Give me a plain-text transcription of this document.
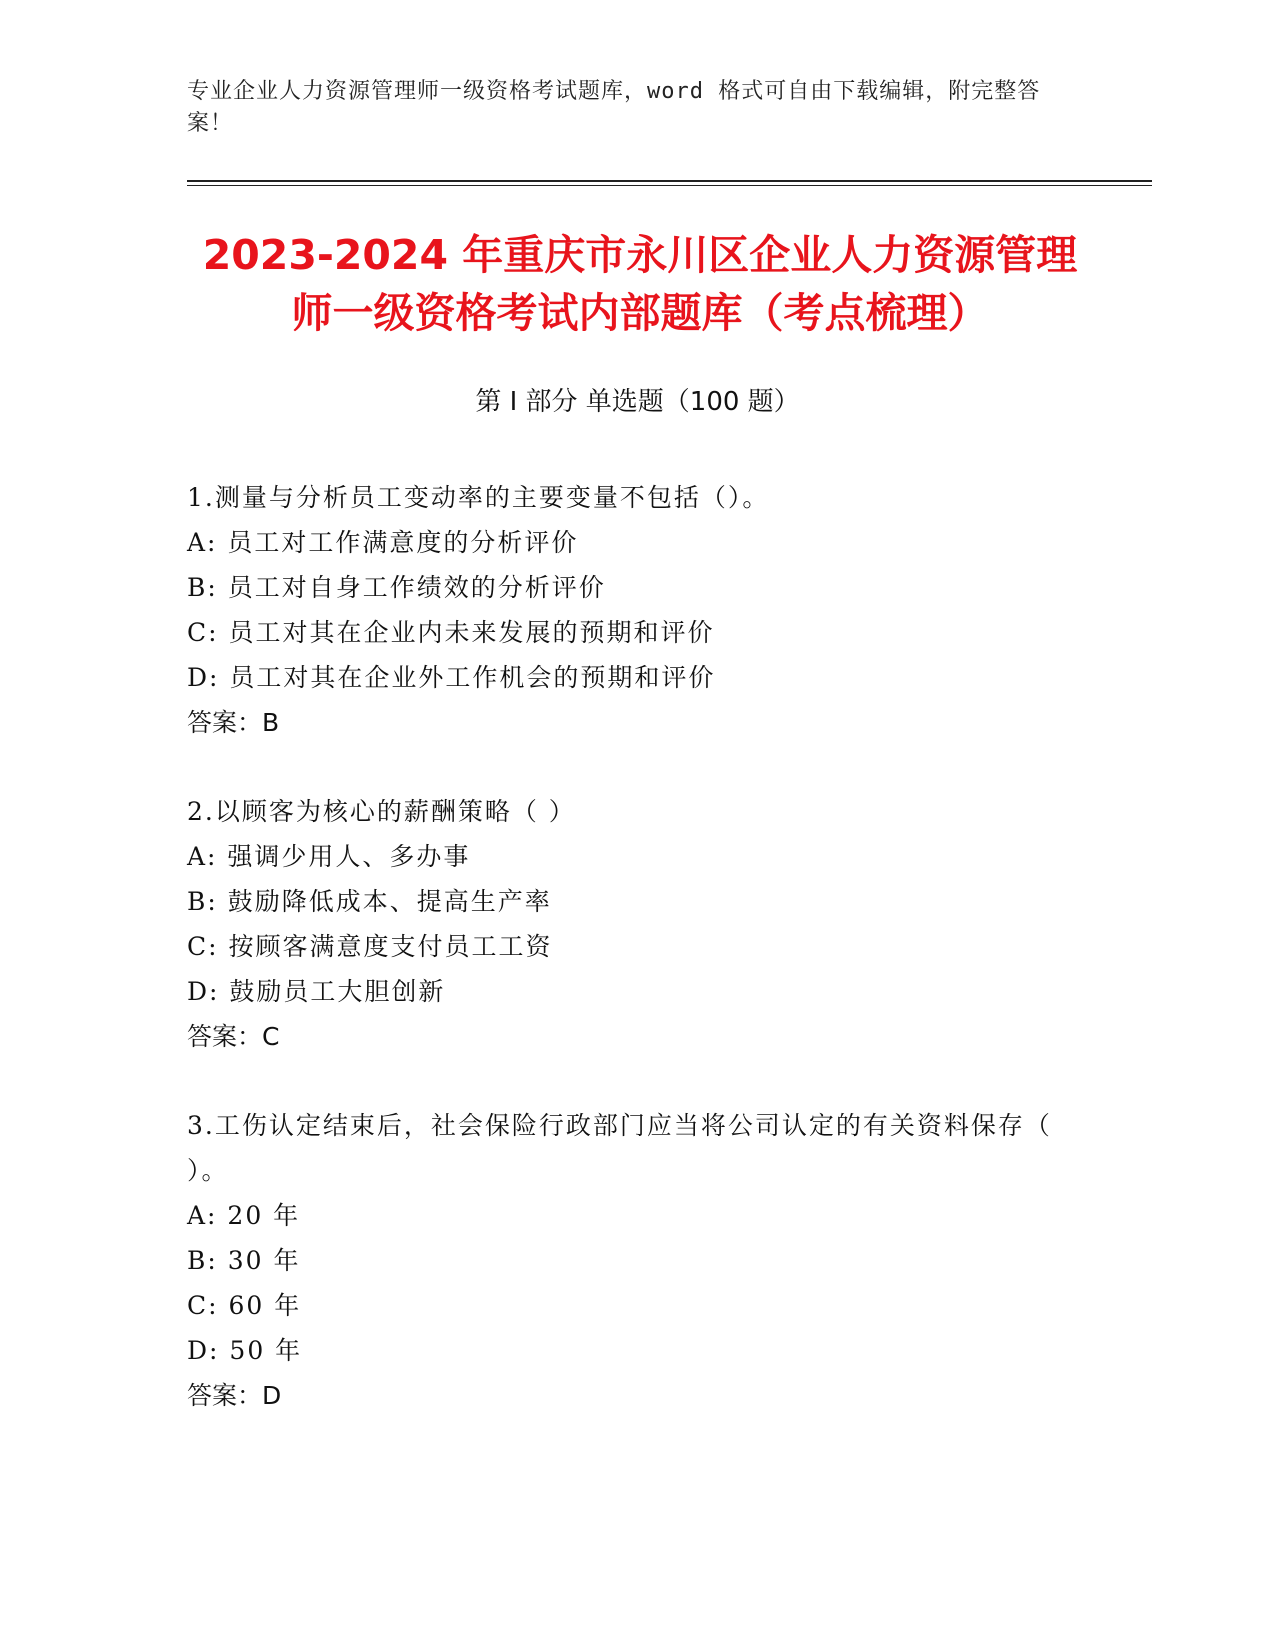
专业企业人力资源管理师一级资格考试题库，word 格式可自由下载编辑，附完整答案！
2023-2024 年重庆市永川区企业人力资源管理师一级资格考试内部题库（考点梳理）
第 I 部分 单选题（100 题）
1.测量与分析员工变动率的主要变量不包括（）。
A: 员工对工作满意度的分析评价
B: 员工对自身工作绩效的分析评价
C: 员工对其在企业内未来发展的预期和评价
D: 员工对其在企业外工作机会的预期和评价
答案：B
2.以顾客为核心的薪酬策略（ ）
A: 强调少用人、多办事
B: 鼓励降低成本、提高生产率
C: 按顾客满意度支付员工工资
D: 鼓励员工大胆创新
答案：C
3.工伤认定结束后，社会保险行政部门应当将公司认定的有关资料保存（ ）。
A: 20 年
B: 30 年
C: 60 年
D: 50 年
答案：D
